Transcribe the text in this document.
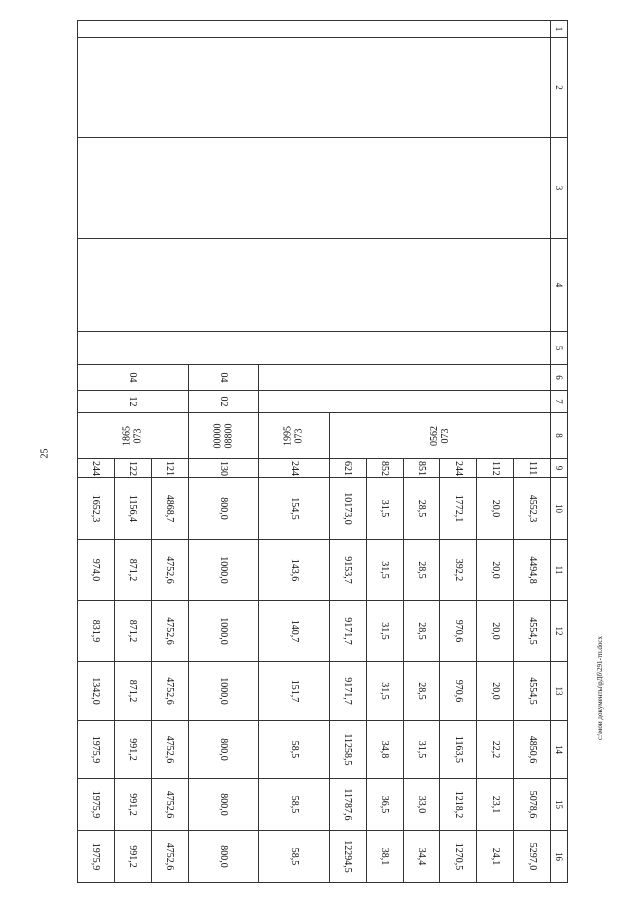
25
c:\мои документы\рДб\291-тп.docx
1	2	3	4	5	6	7	8	9	10	11	12	13	14	15	16

							0562 073	111	4552,3	4494,8	4554,5	4554,5	4850,6	5078,6	5297,0
								112	20,0	20,0	20,0	20,0	22,2	23,1	24,1
								244	1772,1	392,2	970,6	970,6	1163,5	1218,2	1270,5
								851	28,5	28,5	28,5	28,5	31,5	33,0	34,4
								852	31,5	31,5	31,5	31,5	34,8	36,5	38,1
								621	10173,0	9153,7	9171,7	9171,7	11258,5	11787,6	12294,5

							1995 073	244	154,5	143,6	140,7	151,7	58,5	58,5	58,5
					04	02	00000 08800	130	800,0	1000,0	1000,0	1000,0	800,0	800,0	800,0
					04	12	1865 073	121	4868,7	4752,6	4752,6	4752,6	4752,6	4752,6	4752,6
								122	1156,4	871,2	871,2	871,2	991,2	991,2	991,2
								244	1652,3	974,0	831,9	1342,0	1975,9	1975,9	1975,9
